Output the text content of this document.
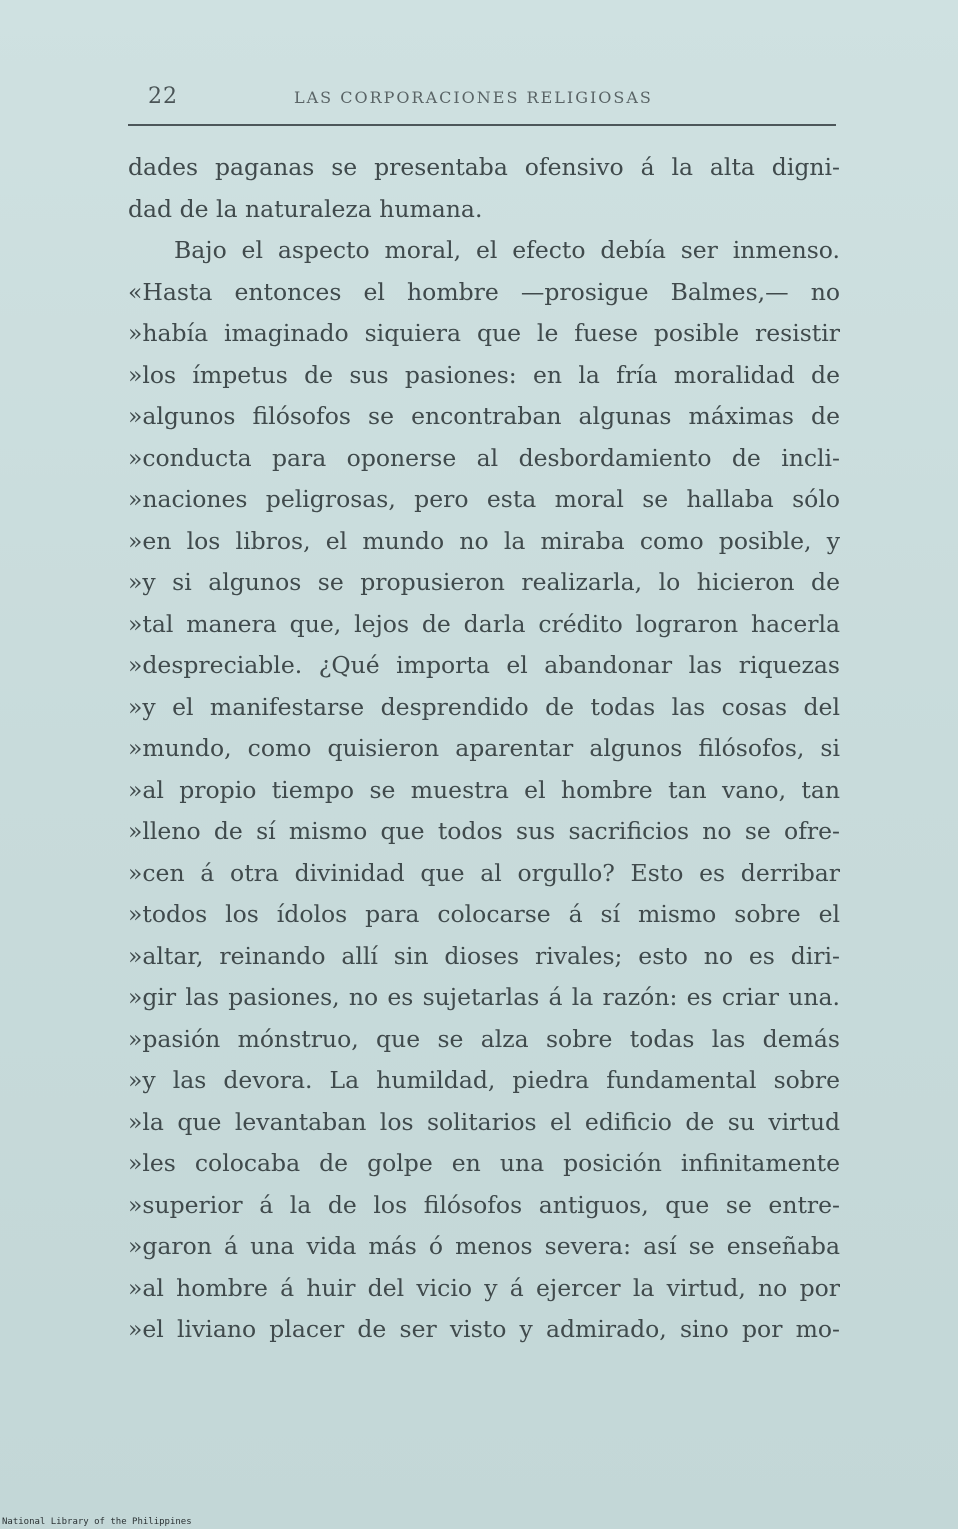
22	LAS CORPORACIONES RELIGIOSAS
dades paganas se presentaba ofensivo á la alta digni-
dad de la naturaleza humana.
Bajo el aspecto moral, el efecto debía ser inmenso.
«Hasta entonces el hombre —prosigue Balmes,— no
»había imaginado siquiera que le fuese posible resistir
»los ímpetus de sus pasiones: en la fría moralidad de
»algunos filósofos se encontraban algunas máximas de
»conducta para oponerse al desbordamiento de incli-
»naciones peligrosas, pero esta moral se hallaba sólo
»en los libros, el mundo no la miraba como posible, y
»y si algunos se propusieron realizarla, lo hicieron de
»tal manera que, lejos de darla crédito lograron hacerla
»despreciable. ¿Qué importa el abandonar las riquezas
»y el manifestarse desprendido de todas las cosas del
»mundo, como quisieron aparentar algunos filósofos, si
»al propio tiempo se muestra el hombre tan vano, tan
»lleno de sí mismo que todos sus sacrificios no se ofre-
»cen á otra divinidad que al orgullo? Esto es derribar
»todos los ídolos para colocarse á sí mismo sobre el
»altar, reinando allí sin dioses rivales; esto no es diri-
»gir las pasiones, no es sujetarlas á la razón: es criar una.
»pasión mónstruo, que se alza sobre todas las demás
»y las devora. La humildad, piedra fundamental sobre
»la que levantaban los solitarios el edificio de su virtud
»les colocaba de golpe en una posición infinitamente
»superior á la de los filósofos antiguos, que se entre-
»garon á una vida más ó menos severa: así se enseñaba
»al hombre á huir del vicio y á ejercer la virtud, no por
»el liviano placer de ser visto y admirado, sino por mo-
National Library of the Philippines
